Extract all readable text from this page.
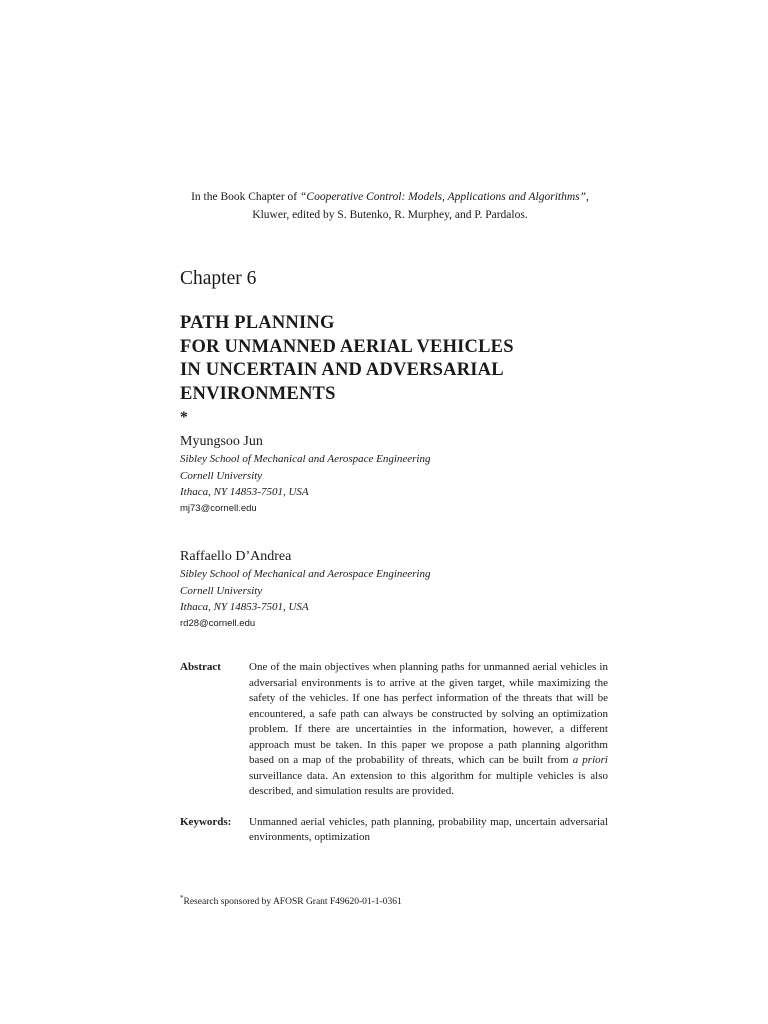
In the Book Chapter of “Cooperative Control: Models, Applications and Algorithms”, Kluwer, edited by S. Butenko, R. Murphey, and P. Pardalos.
Chapter 6
PATH PLANNING
FOR UNMANNED AERIAL VEHICLES
IN UNCERTAIN AND ADVERSARIAL
ENVIRONMENTS
*
Myungsoo Jun
Sibley School of Mechanical and Aerospace Engineering
Cornell University
Ithaca, NY 14853-7501, USA
mj73@cornell.edu
Raffaello D’Andrea
Sibley School of Mechanical and Aerospace Engineering
Cornell University
Ithaca, NY 14853-7501, USA
rd28@cornell.edu
Abstract	One of the main objectives when planning paths for unmanned aerial vehicles in adversarial environments is to arrive at the given target, while maximizing the safety of the vehicles. If one has perfect information of the threats that will be encountered, a safe path can always be constructed by solving an optimization problem. If there are uncertainties in the information, however, a different approach must be taken. In this paper we propose a path planning algorithm based on a map of the probability of threats, which can be built from a priori surveillance data. An extension to this algorithm for multiple vehicles is also described, and simulation results are provided.
Keywords:	Unmanned aerial vehicles, path planning, probability map, uncertain adversarial environments, optimization
*Research sponsored by AFOSR Grant F49620-01-1-0361
